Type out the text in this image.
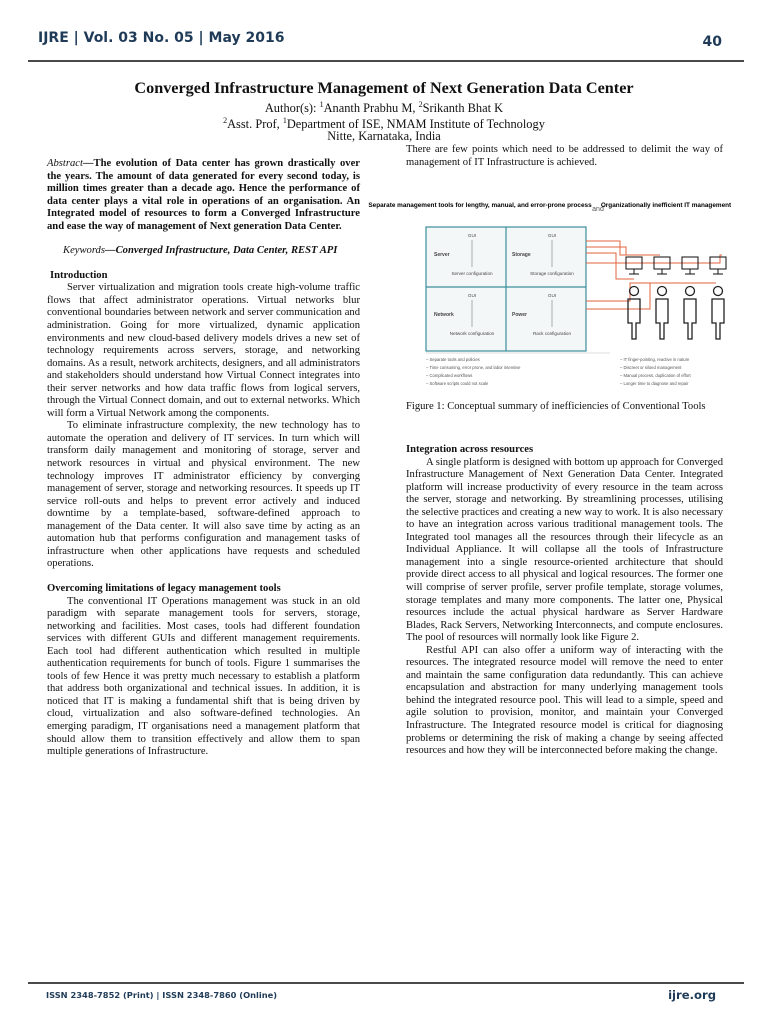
IJRE | Vol. 03 No. 05 | May 2016	40
Converged Infrastructure Management of Next Generation Data Center
Author(s): $^1$Ananth Prabhu M, $^2$Srikanth Bhat K
$^2$Asst. Prof, $^1$Department of ISE, NMAM Institute of Technology
Nitte, Karnataka, India

Abstract—The evolution of Data center has grown drastically over the years. The amount of data generated for every second today, is million times greater than a decade ago. Hence the performance of data center plays a vital role in operations of an organisation. An Integrated model of resources to form a Converged Infrastructure and ease the way of management of Next generation Data Center.

Keywords—Converged Infrastructure, Data Center, REST API

Introduction

Server virtualization and migration tools create high-volume traffic flows that affect administrator operations. Virtual networks blur conventional boundaries between network and server communication and administration. Going for more virtualized, dynamic application environments and new cloud-based delivery models drives a new set of technology requirements across servers, storage, and networking domains. As a result, network architects, designers, and all administrators and stakeholders should understand how Virtual Connect integrates into their server networks and how data traffic flows from logical servers, through the Virtual Connect domain, and out to external networks. Which will form a Virtual Network among the components.

To eliminate infrastructure complexity, the new technology has to automate the operation and delivery of IT services. In turn which will transform daily management and monitoring of storage, server and network resources in virtual and physical environment. The new technology improves IT administrator efficiency by converging management of server, storage and networking resources. It speeds up IT service roll-outs and helps to prevent error actively and induced downtime by a template-based, software-defined approach to management of the Data center. It will also save time by acting as an automation hub that performs configuration and management tasks of infrastructure when other applications have requests and scheduled operations.

Overcoming limitations of legacy management tools

The conventional IT Operations management was stuck in an old paradigm with separate management tools for servers, storage, networking and facilities. Most cases, tools had different foundation services with different GUIs and different management requirements. Each tool had different authentication which resulted in multiple authentication requirements for bunch of tools. Figure 1 summarises the tools of few Hence it was pretty much necessary to establish a platform that address both organizational and technical issues. In addition, it is noticed that IT is making a fundamental shift that is being driven by cloud, virtualization and also software-defined technologies. An emerging paradigm, IT organisations need a management platform that should allow them to transition effectively and allow them to span multiple generations of Infrastructure.

There are few points which need to be addressed to delimit the way of management of IT Infrastructure is achieved.

Separate management tools for lengthy, manual, and error-prone process
and
Organizationally inefficient IT management
Server
GUI
Server configuration
Storage
GUI
Storage configuration
Network
GUI
Network configuration
Power
GUI
Rack configuration
– Separate tools and policies
– Time consuming, error prone, and labor intensive
– Complicated workflows
– Software scripts could not scale
– IT finger-pointing, reactive in nature
– Discreet or siloed management
– Manual process, duplication of effort
– Longer time to diagnose and repair
Figure 1: Conceptual summary of inefficiencies of Conventional Tools

Integration across resources

A single platform is designed with bottom up approach for Converged Infrastructure Management of Next Generation Data Center. Integrated platform will increase productivity of every resource in the team across the server, storage and networking. By streamlining processes, utilising the selective practices and creating a new way to work. It is also necessary to have an integration across various traditional management tools. The Integrated tool manages all the resources through their lifecycle as an Individual Appliance. It will collapse all the tools of Infrastructure management into a single resource-oriented architecture that should provide direct access to all physical and logical resources. The former one will comprise of server profile, server profile template, storage volumes, storage templates and many more components. The latter one, Physical resources include the actual physical hardware as Server Hardware Blades, Rack Servers, Networking Interconnects, and compute enclosures. The pool of resources will normally look like Figure 2.

Restful API can also offer a uniform way of interacting with the resources. The integrated resource model will remove the need to enter and maintain the same configuration data redundantly. This can achieve encapsulation and abstraction for many underlying management tools behind the integrated resource pool. This will lead to a simple, speed and agile solution to provision, monitor, and maintain your Converged Infrastructure. The Integrated resource model is critical for diagnosing problems or determining the risk of making a change by seeing affected resources and how they will be interconnected before making the change.

ISSN 2348-7852 (Print) | ISSN 2348-7860 (Online)	ijre.org
